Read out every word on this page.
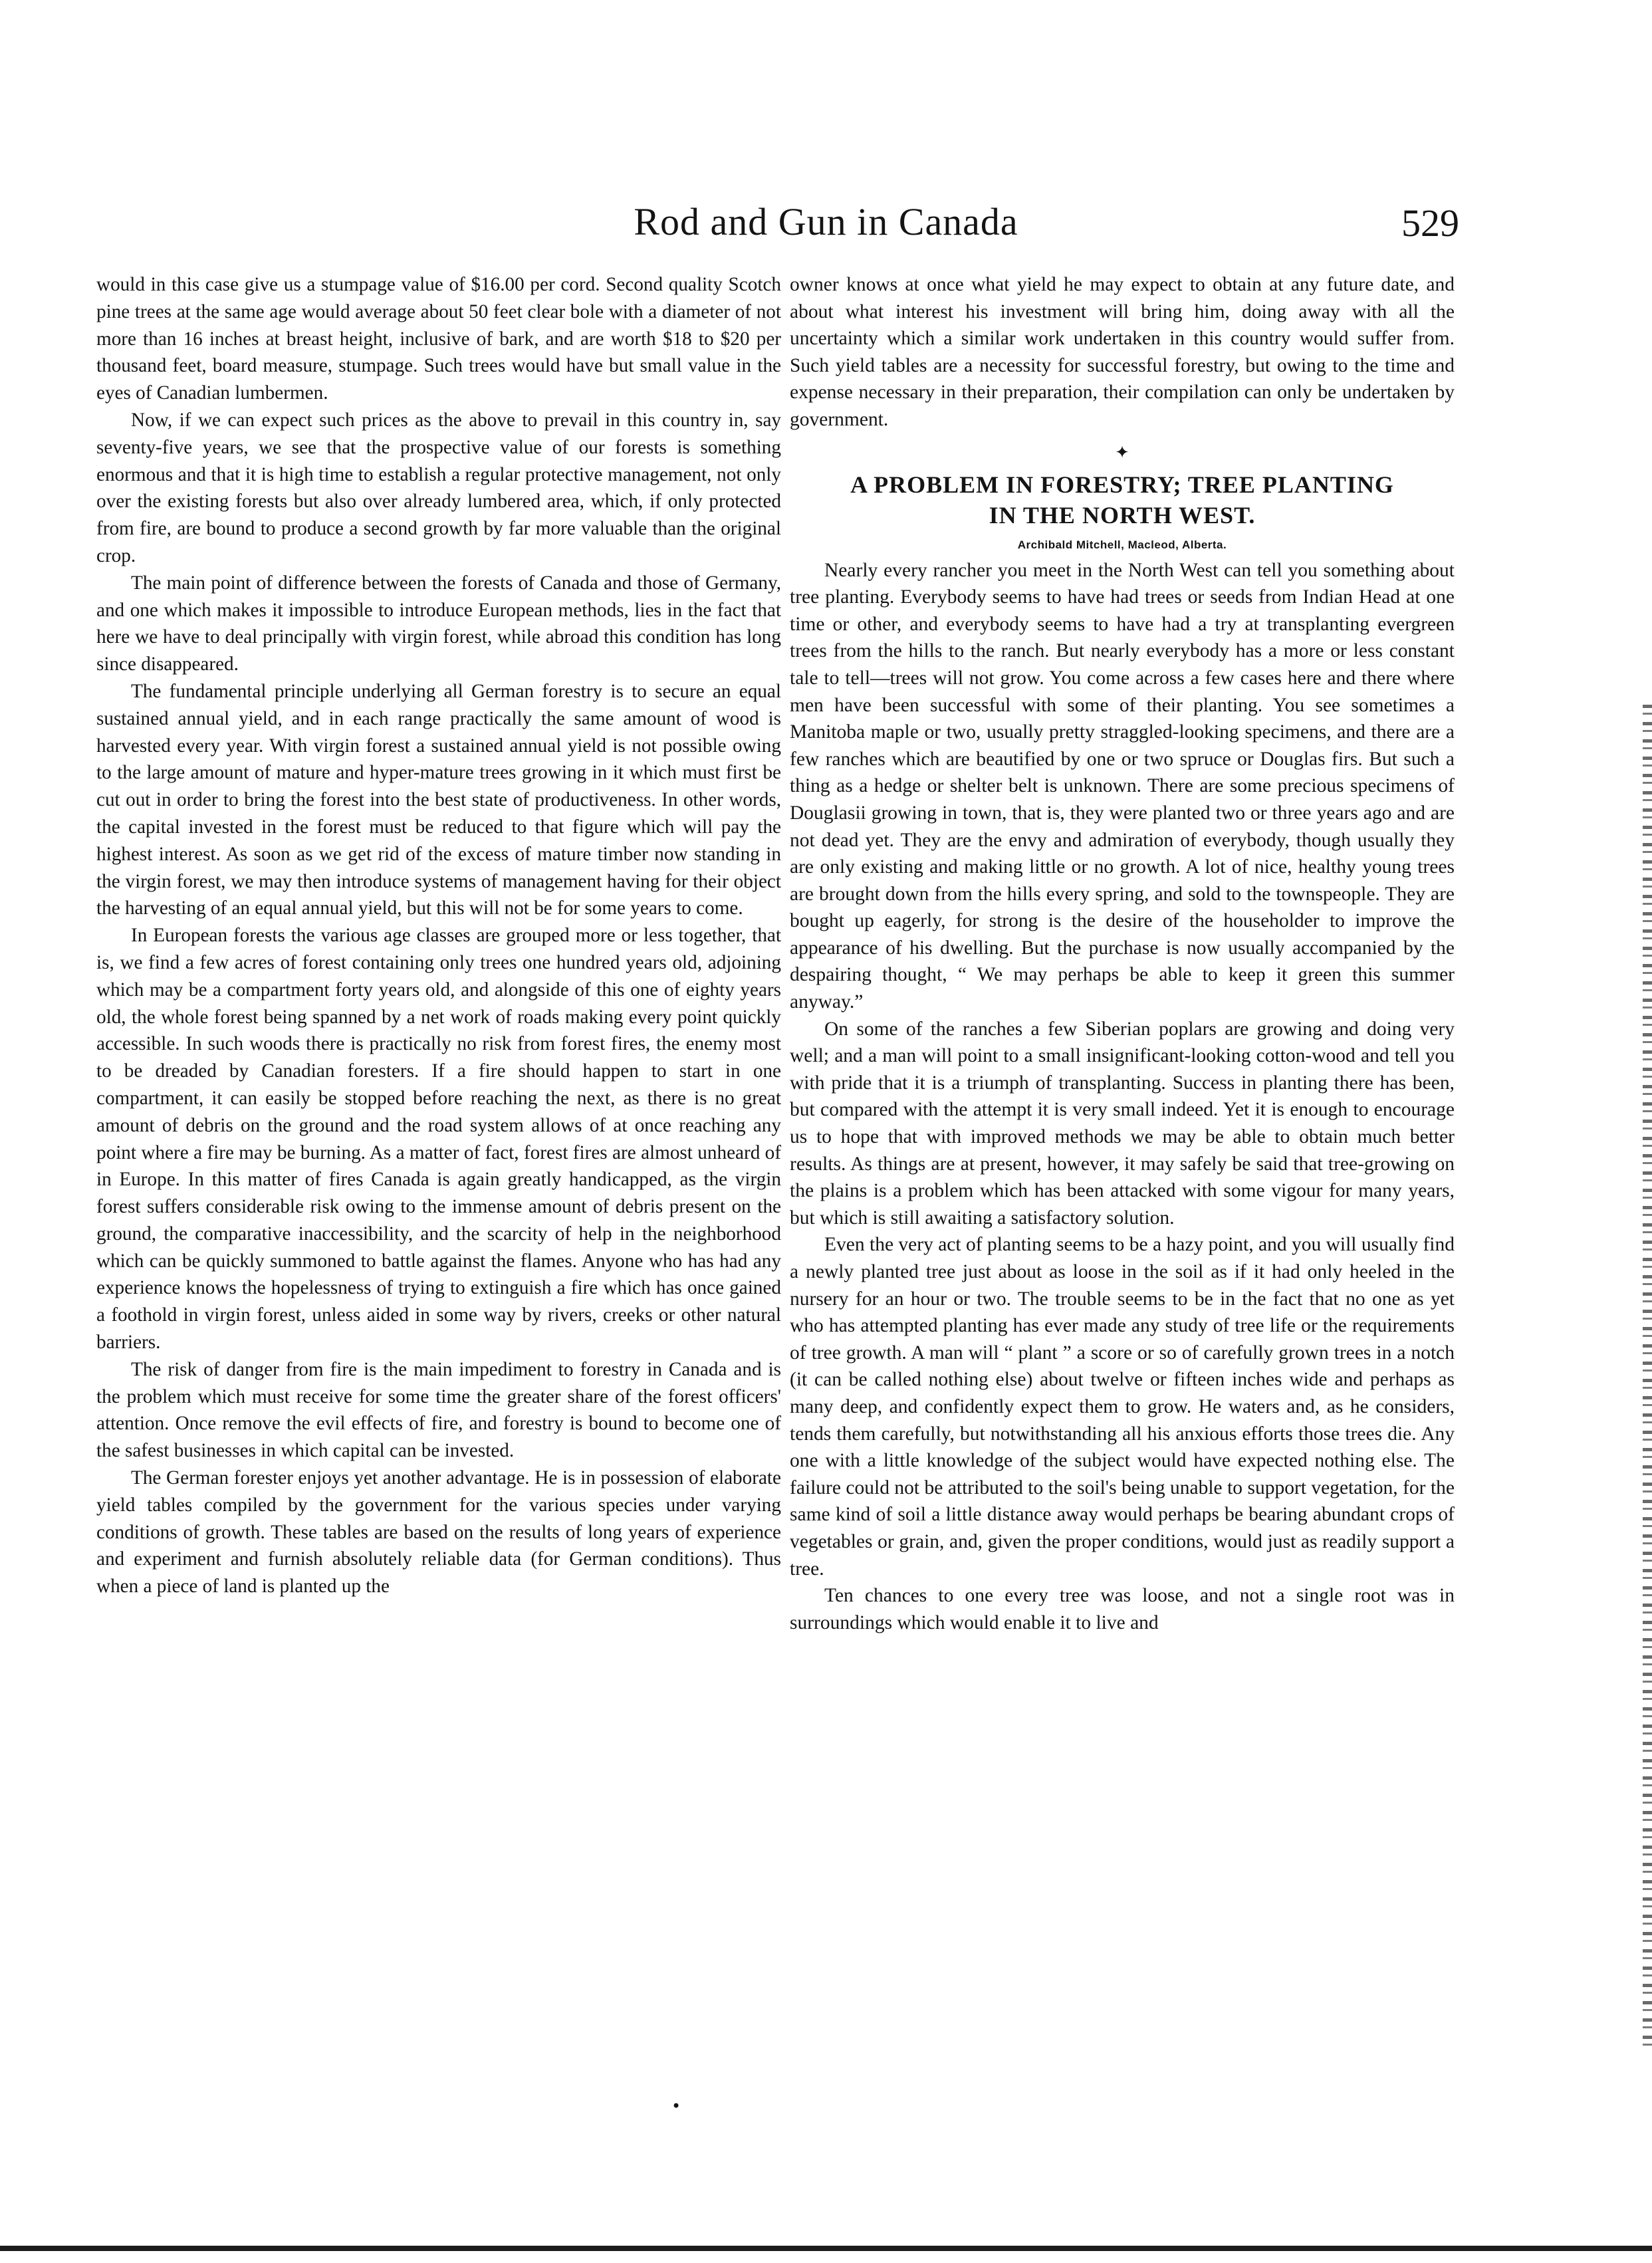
Rod and Gun in Canada	529

would in this case give us a stumpage value of $16.00 per cord. Second quality Scotch pine trees at the same age would average about 50 feet clear bole with a diameter of not more than 16 inches at breast height, inclusive of bark, and are worth $18 to $20 per thousand feet, board measure, stumpage. Such trees would have but small value in the eyes of Canadian lumbermen.

Now, if we can expect such prices as the above to prevail in this country in, say seventy-five years, we see that the prospective value of our forests is something enormous and that it is high time to establish a regular protective management, not only over the existing forests but also over already lumbered area, which, if only protected from fire, are bound to produce a second growth by far more valuable than the original crop.

The main point of difference between the forests of Canada and those of Germany, and one which makes it impossible to introduce European methods, lies in the fact that here we have to deal principally with virgin forest, while abroad this condition has long since disappeared.

The fundamental principle underlying all German forestry is to secure an equal sustained annual yield, and in each range practically the same amount of wood is harvested every year. With virgin forest a sustained annual yield is not possible owing to the large amount of mature and hyper-mature trees growing in it which must first be cut out in order to bring the forest into the best state of productiveness. In other words, the capital invested in the forest must be reduced to that figure which will pay the highest interest. As soon as we get rid of the excess of mature timber now standing in the virgin forest, we may then introduce systems of management having for their object the harvesting of an equal annual yield, but this will not be for some years to come.

In European forests the various age classes are grouped more or less together, that is, we find a few acres of forest containing only trees one hundred years old, adjoining which may be a compartment forty years old, and alongside of this one of eighty years old, the whole forest being spanned by a net work of roads making every point quickly accessible. In such woods there is practically no risk from forest fires, the enemy most to be dreaded by Canadian foresters. If a fire should happen to start in one compartment, it can easily be stopped before reaching the next, as there is no great amount of debris on the ground and the road system allows of at once reaching any point where a fire may be burning. As a matter of fact, forest fires are almost unheard of in Europe. In this matter of fires Canada is again greatly handicapped, as the virgin forest suffers considerable risk owing to the immense amount of debris present on the ground, the comparative inaccessibility, and the scarcity of help in the neighborhood which can be quickly summoned to battle against the flames. Anyone who has had any experience knows the hopelessness of trying to extinguish a fire which has once gained a foothold in virgin forest, unless aided in some way by rivers, creeks or other natural barriers.

The risk of danger from fire is the main impediment to forestry in Canada and is the problem which must receive for some time the greater share of the forest officers' attention. Once remove the evil effects of fire, and forestry is bound to become one of the safest businesses in which capital can be invested.

The German forester enjoys yet another advantage. He is in possession of elaborate yield tables compiled by the government for the various species under varying conditions of growth. These tables are based on the results of long years of experience and experiment and furnish absolutely reliable data (for German conditions). Thus when a piece of land is planted up the

owner knows at once what yield he may expect to obtain at any future date, and about what interest his investment will bring him, doing away with all the uncertainty which a similar work undertaken in this country would suffer from. Such yield tables are a necessity for successful forestry, but owing to the time and expense necessary in their preparation, their compilation can only be undertaken by government.

✦
A PROBLEM IN FORESTRY; TREE PLANTING
IN THE NORTH WEST.
Archibald Mitchell, Macleod, Alberta.

Nearly every rancher you meet in the North West can tell you something about tree planting. Everybody seems to have had trees or seeds from Indian Head at one time or other, and everybody seems to have had a try at transplanting evergreen trees from the hills to the ranch. But nearly everybody has a more or less constant tale to tell—trees will not grow. You come across a few cases here and there where men have been successful with some of their planting. You see sometimes a Manitoba maple or two, usually pretty straggled-looking specimens, and there are a few ranches which are beautified by one or two spruce or Douglas firs. But such a thing as a hedge or shelter belt is unknown. There are some precious specimens of Douglasii growing in town, that is, they were planted two or three years ago and are not dead yet. They are the envy and admiration of everybody, though usually they are only existing and making little or no growth. A lot of nice, healthy young trees are brought down from the hills every spring, and sold to the townspeople. They are bought up eagerly, for strong is the desire of the householder to improve the appearance of his dwelling. But the purchase is now usually accompanied by the despairing thought, “ We may perhaps be able to keep it green this summer anyway.”

On some of the ranches a few Siberian poplars are growing and doing very well; and a man will point to a small insignificant-looking cotton-wood and tell you with pride that it is a triumph of transplanting. Success in planting there has been, but compared with the attempt it is very small indeed. Yet it is enough to encourage us to hope that with improved methods we may be able to obtain much better results. As things are at present, however, it may safely be said that tree-growing on the plains is a problem which has been attacked with some vigour for many years, but which is still awaiting a satisfactory solution.

Even the very act of planting seems to be a hazy point, and you will usually find a newly planted tree just about as loose in the soil as if it had only heeled in the nursery for an hour or two. The trouble seems to be in the fact that no one as yet who has attempted planting has ever made any study of tree life or the requirements of tree growth. A man will “ plant ” a score or so of carefully grown trees in a notch (it can be called nothing else) about twelve or fifteen inches wide and perhaps as many deep, and confidently expect them to grow. He waters and, as he considers, tends them carefully, but notwithstanding all his anxious efforts those trees die. Any one with a little knowledge of the subject would have expected nothing else. The failure could not be attributed to the soil's being unable to support vegetation, for the same kind of soil a little distance away would perhaps be bearing abundant crops of vegetables or grain, and, given the proper conditions, would just as readily support a tree.

Ten chances to one every tree was loose, and not a single root was in surroundings which would enable it to live and

•
